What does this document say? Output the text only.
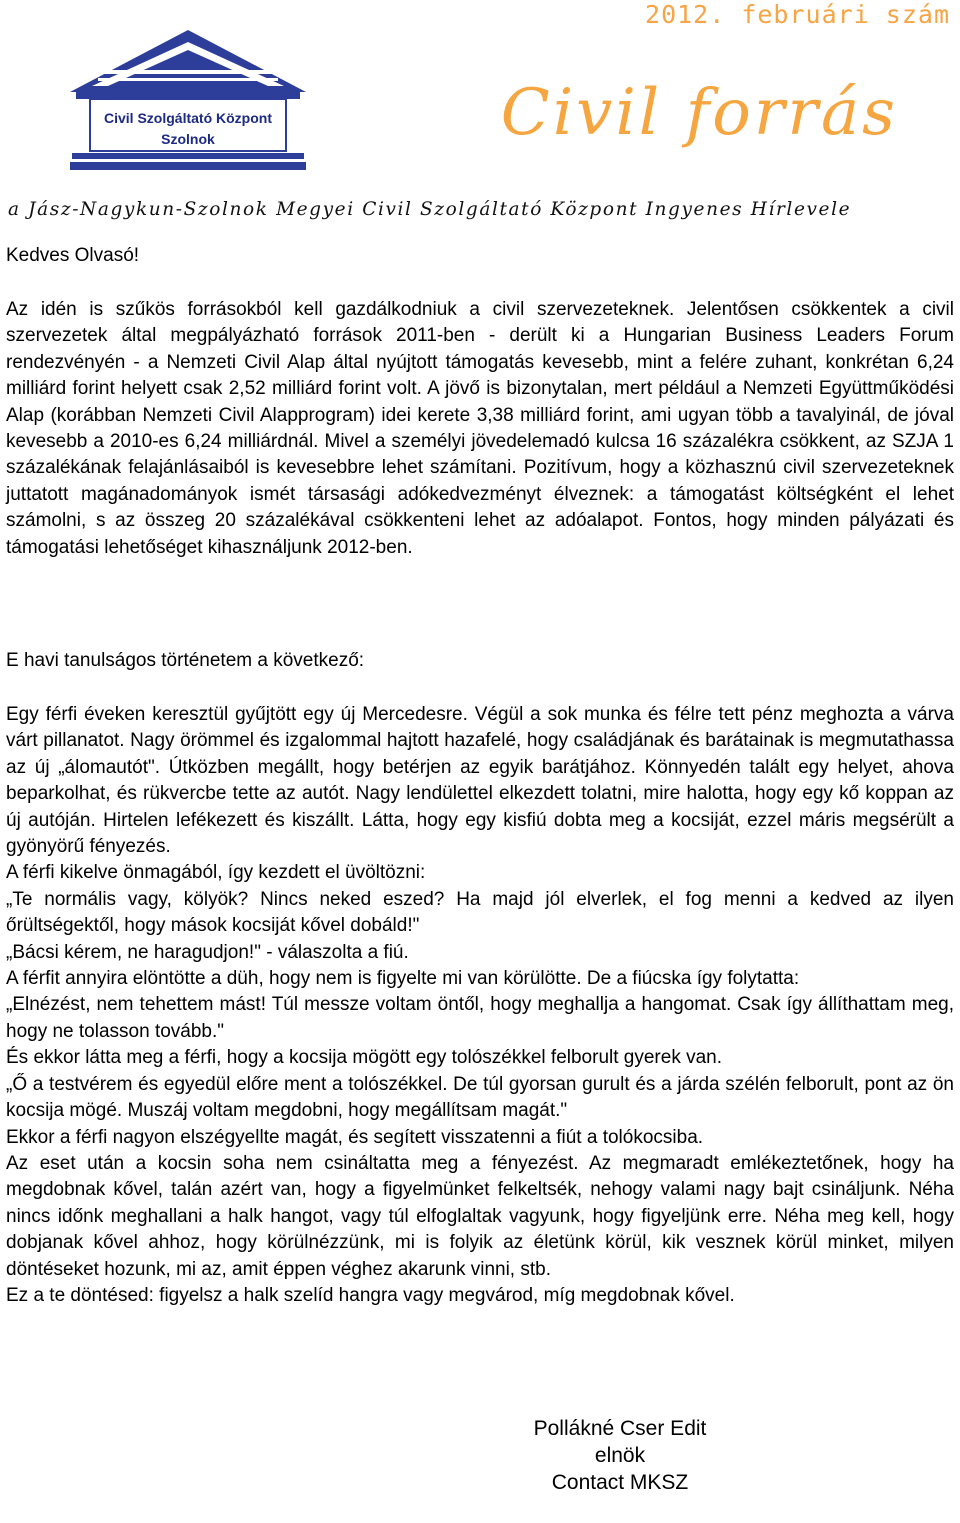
2012. februári szám
Civil Szolgáltató Központ
Szolnok	Civil forrás
a Jász-Nagykun-Szolnok Megyei Civil Szolgáltató Központ Ingyenes Hírlevele

Kedves Olvasó!

Az idén is szűkös forrásokból kell gazdálkodniuk a civil szervezeteknek. Jelentősen csökkentek a civil szervezetek által megpályázható források 2011-ben - derült ki a Hungarian Business Leaders Forum rendezvényén - a Nemzeti Civil Alap által nyújtott támogatás kevesebb, mint a felére zuhant, konkrétan 6,24 milliárd forint helyett csak 2,52 milliárd forint volt. A jövő is bizonytalan, mert például a Nemzeti Együttműködési Alap (korábban Nemzeti Civil Alapprogram) idei kerete 3,38 milliárd forint, ami ugyan több a tavalyinál, de jóval kevesebb a 2010-es 6,24 milliárdnál. Mivel a személyi jövedelemadó kulcsa 16 százalékra csökkent, az SZJA 1 százalékának felajánlásaiból is kevesebbre lehet számítani. Pozitívum, hogy a közhasznú civil szervezeteknek juttatott magánadományok ismét társasági adókedvezményt élveznek: a támogatást költségként el lehet számolni, s az összeg 20 százalékával csökkenteni lehet az adóalapot. Fontos, hogy minden pályázati és támogatási lehetőséget kihasználjunk 2012-ben.

E havi tanulságos történetem a következő:

Egy férfi éveken keresztül gyűjtött egy új Mercedesre. Végül a sok munka és félre tett pénz meghozta a várva várt pillanatot. Nagy örömmel és izgalommal hajtott hazafelé, hogy családjának és barátainak is megmutathassa az új „álomautót". Útközben megállt, hogy betérjen az egyik barátjához. Könnyedén talált egy helyet, ahova beparkolhat, és rükvercbe tette az autót. Nagy lendülettel elkezdett tolatni, mire halotta, hogy egy kő koppan az új autóján. Hirtelen lefékezett és kiszállt. Látta, hogy egy kisfiú dobta meg a kocsiját, ezzel máris megsérült a gyönyörű fényezés.

A férfi kikelve önmagából, így kezdett el üvöltözni:

„Te normális vagy, kölyök? Nincs neked eszed? Ha majd jól elverlek, el fog menni a kedved az ilyen őrültségektől, hogy mások kocsiját kővel dobáld!"

„Bácsi kérem, ne haragudjon!" - válaszolta a fiú.

A férfit annyira elöntötte a düh, hogy nem is figyelte mi van körülötte. De a fiúcska így folytatta:

„Elnézést, nem tehettem mást! Túl messze voltam öntől, hogy meghallja a hangomat. Csak így állíthattam meg, hogy ne tolasson tovább."

És ekkor látta meg a férfi, hogy a kocsija mögött egy tolószékkel felborult gyerek van.

„Ő a testvérem és egyedül előre ment a tolószékkel. De túl gyorsan gurult és a járda szélén felborult, pont az ön kocsija mögé. Muszáj voltam megdobni, hogy megállítsam magát."

Ekkor a férfi nagyon elszégyellte magát, és segített visszatenni a fiút a tolókocsiba.

Az eset után a kocsin soha nem csináltatta meg a fényezést. Az megmaradt emlékeztetőnek, hogy ha megdobnak kővel, talán azért van, hogy a figyelmünket felkeltsék, nehogy valami nagy bajt csináljunk. Néha nincs időnk meghallani a halk hangot, vagy túl elfoglaltak vagyunk, hogy figyeljünk erre. Néha meg kell, hogy dobjanak kővel ahhoz, hogy körülnézzünk, mi is folyik az életünk körül, kik vesznek körül minket, milyen döntéseket hozunk, mi az, amit éppen véghez akarunk vinni, stb.

Ez a te döntésed: figyelsz a halk szelíd hangra vagy megvárod, míg megdobnak kővel.

Pollákné Cser Edit
elnök
Contact MKSZ
